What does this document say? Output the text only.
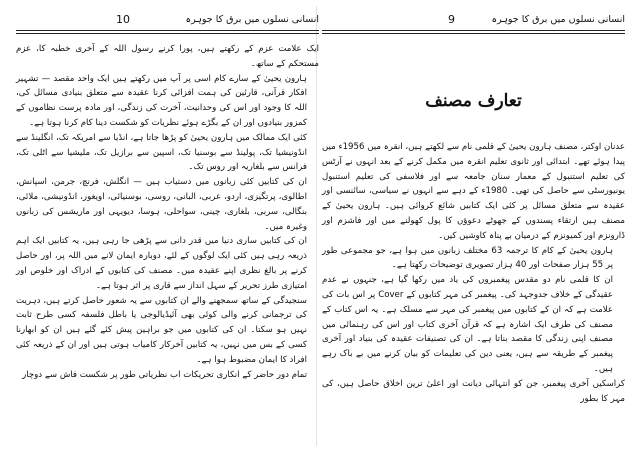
انسانی نسلوں میں برق کا جوہرہ
10

ایک علامت عزم کے رکھتے ہیں، پورا کرنے رسول اللہ کے آخری خطبہ کا، عزم مستحکم کے ساتھ۔

ہارون یحییٰ کے سارے کام اسی پر آپ میں رکھتے ہیں ایک واحد مقصد — تشہیر افکار قرآنی، قارئین کی ہمت افزائی کرنا عقیدہ سے متعلق بنیادی مسائل کی، اللہ کا وجود اور اس کی وحدانیت، آخرت کی زندگی، اور مادہ پرست نظاموں کے کمزور بنیادوں اور ان کے بگڑے ہوئے نظریات کو شکست دینا کام کرنا ہوتا ہے۔

کئی ایک ممالک میں ہارون یحییٰ کو پڑھا جاتا ہے، انڈیا سے امریکہ تک، انگلینڈ سے انڈونیشیا تک، پولینڈ سے بوسنیا تک، اسپین سے برازیل تک، ملیشیا سے اٹلی تک، فرانس سے بلغاریہ اور روس تک۔

ان کی کتابیں کئی زبانوں میں دستیاب ہیں — انگلش، فرنچ، جرمن، اسپانش، اطالوی، پرتگیزی، اردو، عربی، البانی، روسی، بوسنیائی، اویغور، انڈونیشی، ملائی، بنگالی، سربی، بلغاری، چینی، سواحلی، ہوسا، دیویہی اور ماریشس کی زبانوں وغیرہ میں۔

ان کی کتابیں ساری دنیا میں قدر دانی سے پڑھی جا رہی ہیں، یہ کتابیں ایک اہم ذریعہ رہی ہیں کئی ایک لوگوں کے لئے، دوبارہ ایمان لانے میں اللہ پر، اور حاصل کرنے پر بالغ نظری اپنے عقیدہ میں۔ مصنف کی کتابوں کے ادراک اور خلوص اور امتیازی طرز تحریر کے سہل انداز سے قاری پر اثر ہوتا ہے۔

سنجیدگی کے ساتھ سمجھنے والے ان کتابوں سے یہ شعور حاصل کرتے ہیں، دہریت کی ترجمانی کرنے والی کوئی بھی آئیڈیالوجی یا باطل فلسفہ کسی طرح ثابت نہیں ہو سکتا۔ ان کی کتابوں میں جو براہین پیش کئے گئے ہیں ان کو ابھارنا کسی کے بس میں نہیں، یہ کتابیں آخرکار کامیاب ہوتی ہیں اور ان کے ذریعہ کئی افراد کا ایمان مضبوط ہوا ہے۔

تمام دور حاضر کے انکاری تحریکات اب نظریاتی طور پر شکست فاش سے دوچار

انسانی نسلوں میں برق کا جوہرہ
9
تعارف مصنف

عدنان اوکتر، مصنف ہارون یحییٰ کے قلمی نام سے لکھتے ہیں، انقرہ میں 1956ء میں پیدا ہوئے تھے۔ ابتدائی اور ثانوی تعلیم انقرہ میں مکمل کرنے کے بعد انہوں نے آرٹس کی تعلیم استنبول کے معمار سنان جامعہ سے اور فلاسفی کی تعلیم استنبول یونیورسٹی سے حاصل کی تھی۔ 1980ء کے دہے سے انہوں نے سیاسی، سائنسی اور عقیدہ سے متعلق مسائل پر کئی ایک کتابیں شائع کروائی ہیں۔ ہارون یحییٰ کے مصنف ہیں ارتقاء پسندوں کے جھوٹے دعوؤں کا پول کھولنے میں اور فاشزم اور ڈارونزم اور کمیونزم کے درمیان بے پناہ کاوشیں کیں۔

ہارون یحییٰ کے کام کا ترجمہ 63 مختلف زبانوں میں ہوا ہے، جو مجموعی طور پر 55 ہزار صفحات اور 40 ہزار تصویری توضیحات رکھتا ہے۔

ان کا قلمی نام دو مقدس پیغمبروں کی یاد میں رکھا گیا ہے، جنہوں نے عدم عقیدگی کے خلاف جدوجہد کی۔ پیغمبر کی مہر کتابوں کے Cover پر اس بات کی علامت ہے کہ ان کے کتابوں میں پیغمبر کی مہر سے مسلک ہے۔ یہ اس کتاب کے مصنف کی طرف ایک اشارہ ہے کہ قرآن آخری کتاب اور اس کی رہنمائی میں مصنف اپنی زندگی کا مقصد بناتا ہے۔ ان کی تصنیفات عقیدہ کی بنیاد اور آخری پیغمبر کے طریقہ سے ہیں، یعنی دین کی تعلیمات کو بیان کرنے میں بے باک رہے ہیں۔

کراسکیں آخری پیغمبر، جن کو انتہائی دیانت اور اعلیٰ ترین اخلاق حاصل ہیں، کی مہر کا بطور
